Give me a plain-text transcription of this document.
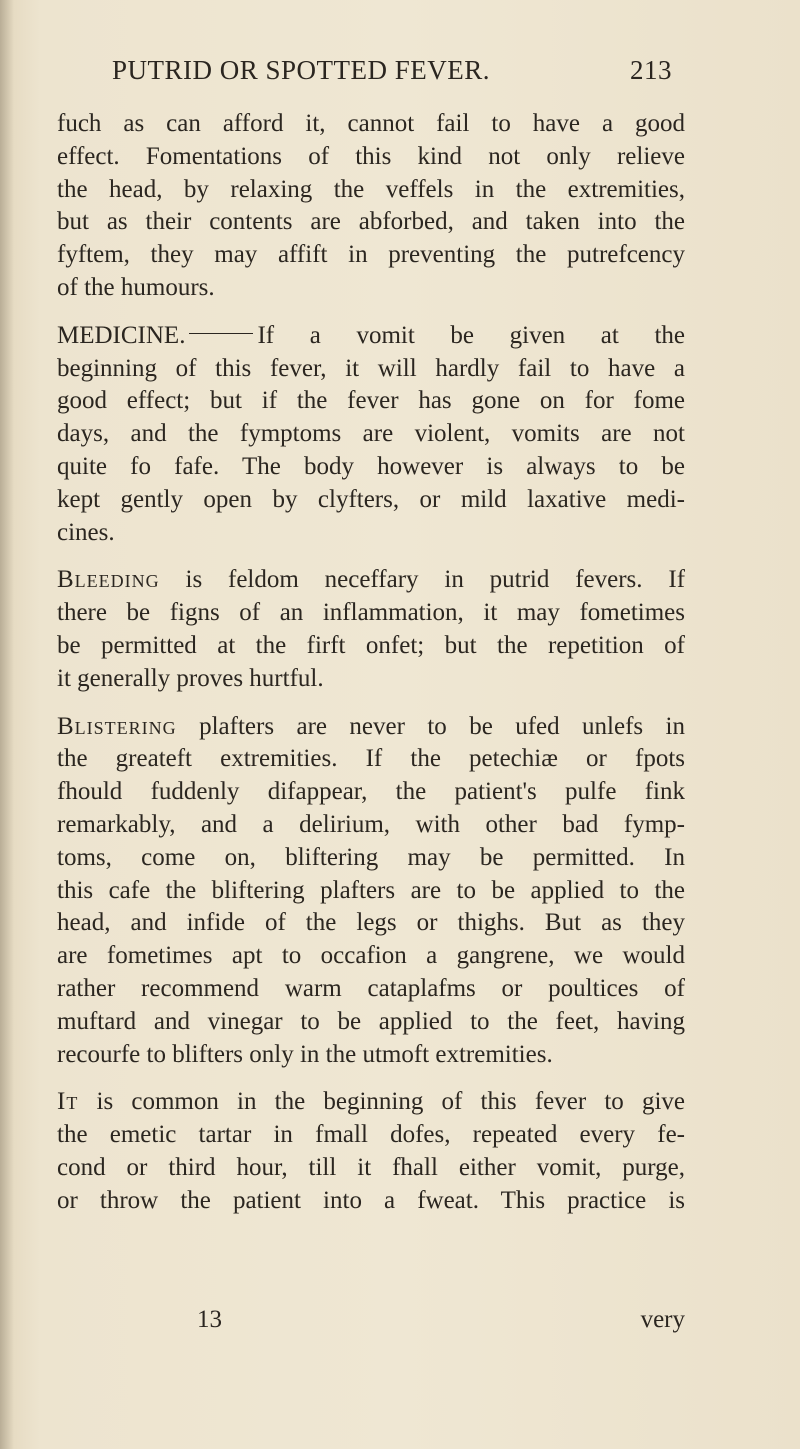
PUTRID OR SPOTTED FEVER.	213

fuch as can afford it, cannot fail to have a good
effect. Fomentations of this kind not only relieve
the head, by relaxing the veffels in the extremities,
but as their contents are abforbed, and taken into the
fyftem, they may affift in preventing the putrefcency
of the humours.

MEDICINE.	If a vomit be given at the
beginning of this fever, it will hardly fail to have a
good effect; but if the fever has gone on for fome
days, and the fymptoms are violent, vomits are not
quite fo fafe. The body however is always to be
kept gently open by clyfters, or mild laxative medi-
cines.

Bleeding is feldom neceffary in putrid fevers. If
there be figns of an inflammation, it may fometimes
be permitted at the firft onfet; but the repetition of
it generally proves hurtful.

Blistering plafters are never to be ufed unlefs in
the greateft extremities. If the petechiæ or fpots
fhould fuddenly difappear, the patient's pulfe fink
remarkably, and a delirium, with other bad fymp-
toms, come on, bliftering may be permitted. In
this cafe the bliftering plafters are to be applied to the
head, and infide of the legs or thighs. But as they
are fometimes apt to occafion a gangrene, we would
rather recommend warm cataplafms or poultices of
muftard and vinegar to be applied to the feet, having
recourfe to blifters only in the utmoft extremities.

It is common in the beginning of this fever to give
the emetic tartar in fmall dofes, repeated every fe-
cond or third hour, till it fhall either vomit, purge,
or throw the patient into a fweat. This practice is

13	very
